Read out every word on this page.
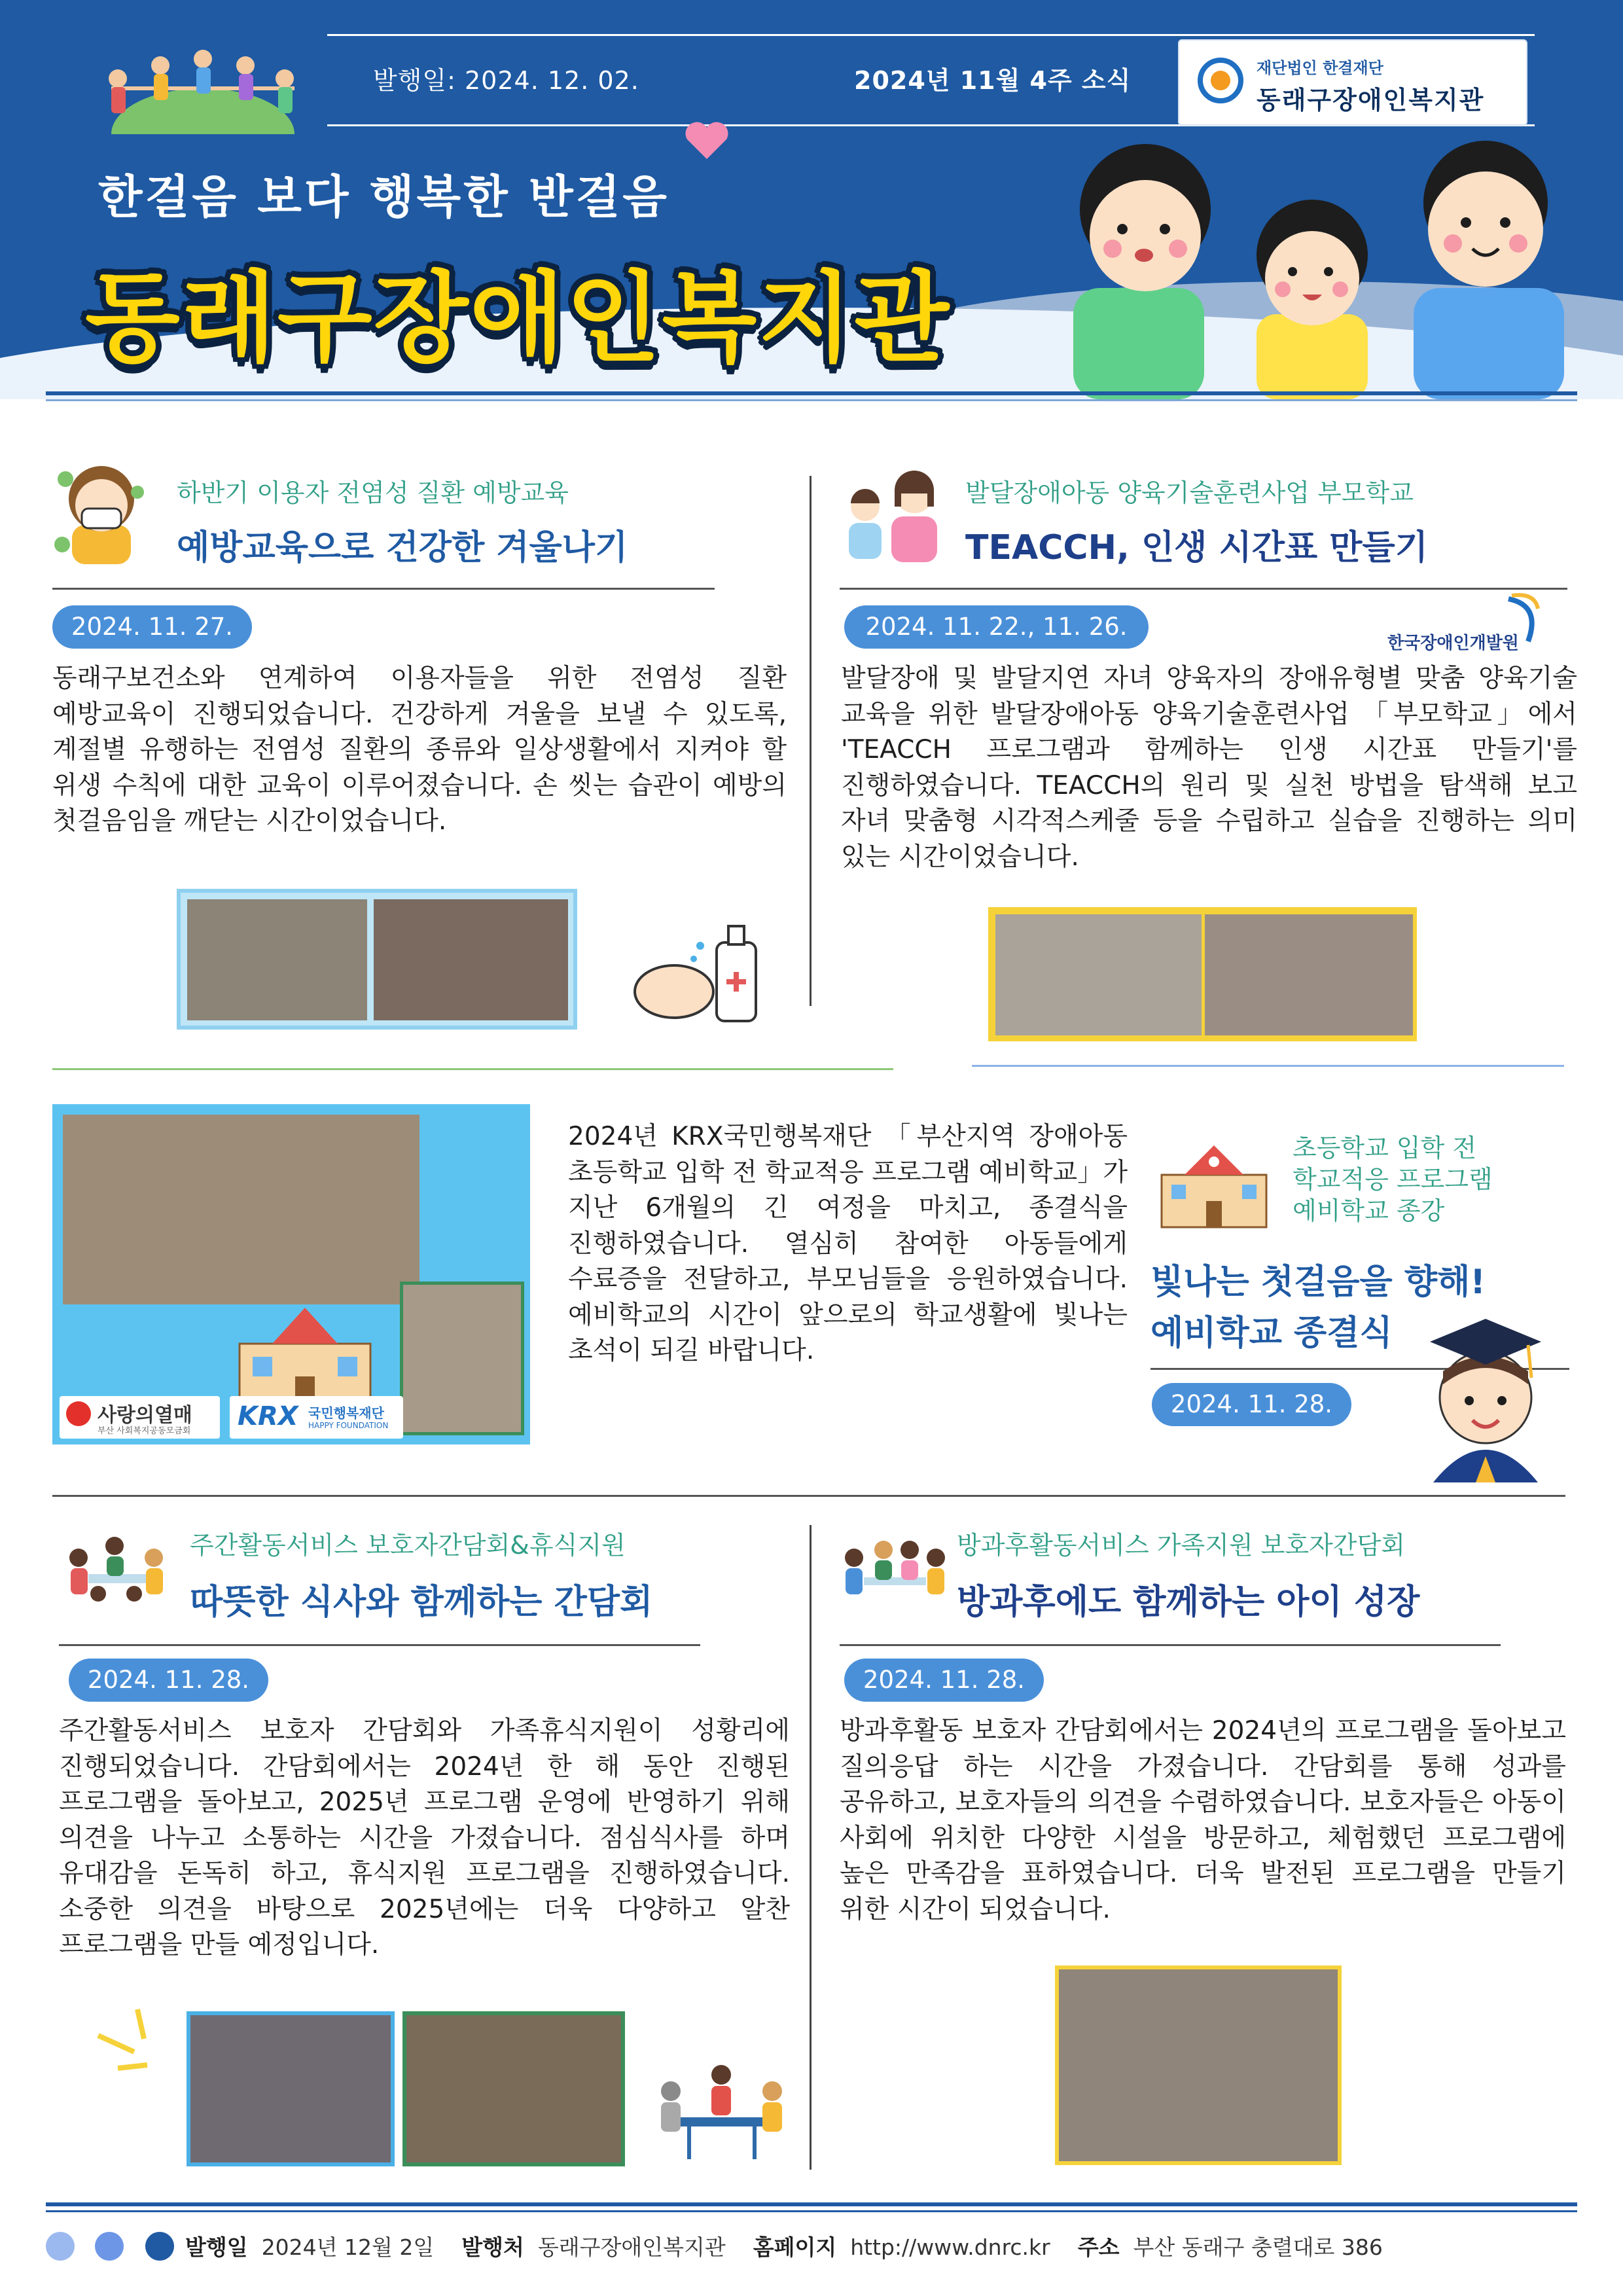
발행일: 2024. 12. 02.	2024년 11월 4주 소식	재단법인 한결재단
동래구장애인복지관
한걸음 보다 행복한 반걸음
동래구장애인복지관
하반기 이용자 전염성 질환 예방교육
예방교육으로 건강한 겨울나기
2024. 11. 27.
동래구보건소와 연계하여 이용자들을 위한 전염성 질환 예방교육이 진행되었습니다. 건강하게 겨울을 보낼 수 있도록, 계절별 유행하는 전염성 질환의 종류와 일상생활에서 지켜야 할 위생 수칙에 대한 교육이 이루어졌습니다. 손 씻는 습관이 예방의 첫걸음임을 깨닫는 시간이었습니다.
발달장애아동 양육기술훈련사업 부모학교
TEACCH, 인생 시간표 만들기
2024. 11. 22., 11. 26.
한국장애인개발원
발달장애 및 발달지연 자녀 양육자의 장애유형별 맞춤 양육기술 교육을 위한 발달장애아동 양육기술훈련사업 「부모학교」에서 'TEACCH 프로그램과 함께하는 인생 시간표 만들기'를 진행하였습니다. TEACCH의 원리 및 실천 방법을 탐색해 보고 자녀 맞춤형 시각적스케줄 등을 수립하고 실습을 진행하는 의미 있는 시간이었습니다.
사랑의열매
부산 사회복지공동모금회 KRX 국민행복재단
HAPPY FOUNDATION
2024년 KRX국민행복재단 「부산지역 장애아동 초등학교 입학 전 학교적응 프로그램 예비학교」가 지난 6개월의 긴 여정을 마치고, 종결식을 진행하였습니다. 열심히 참여한 아동들에게 수료증을 전달하고, 부모님들을 응원하였습니다. 예비학교의 시간이 앞으로의 학교생활에 빛나는 초석이 되길 바랍니다.
초등학교 입학 전
학교적응 프로그램
예비학교 종강
빛나는 첫걸음을 향해!
예비학교 종결식
2024. 11. 28.
주간활동서비스 보호자간담회&휴식지원
따뜻한 식사와 함께하는 간담회
2024. 11. 28.
주간활동서비스 보호자 간담회와 가족휴식지원이 성황리에 진행되었습니다. 간담회에서는 2024년 한 해 동안 진행된 프로그램을 돌아보고, 2025년 프로그램 운영에 반영하기 위해 의견을 나누고 소통하는 시간을 가졌습니다. 점심식사를 하며 유대감을 돈독히 하고, 휴식지원 프로그램을 진행하였습니다. 소중한 의견을 바탕으로 2025년에는 더욱 다양하고 알찬 프로그램을 만들 예정입니다.
방과후활동서비스 가족지원 보호자간담회
방과후에도 함께하는 아이 성장
2024. 11. 28.
방과후활동 보호자 간담회에서는 2024년의 프로그램을 돌아보고 질의응답 하는 시간을 가졌습니다. 간담회를 통해 성과를 공유하고, 보호자들의 의견을 수렴하였습니다. 보호자들은 아동이 사회에 위치한 다양한 시설을 방문하고, 체험했던 프로그램에 높은 만족감을 표하였습니다. 더욱 발전된 프로그램을 만들기 위한 시간이 되었습니다.
발행일 2024년 12월 2일 발행처 동래구장애인복지관 홈페이지 http://www.dnrc.kr 주소 부산 동래구 충렬대로 386
